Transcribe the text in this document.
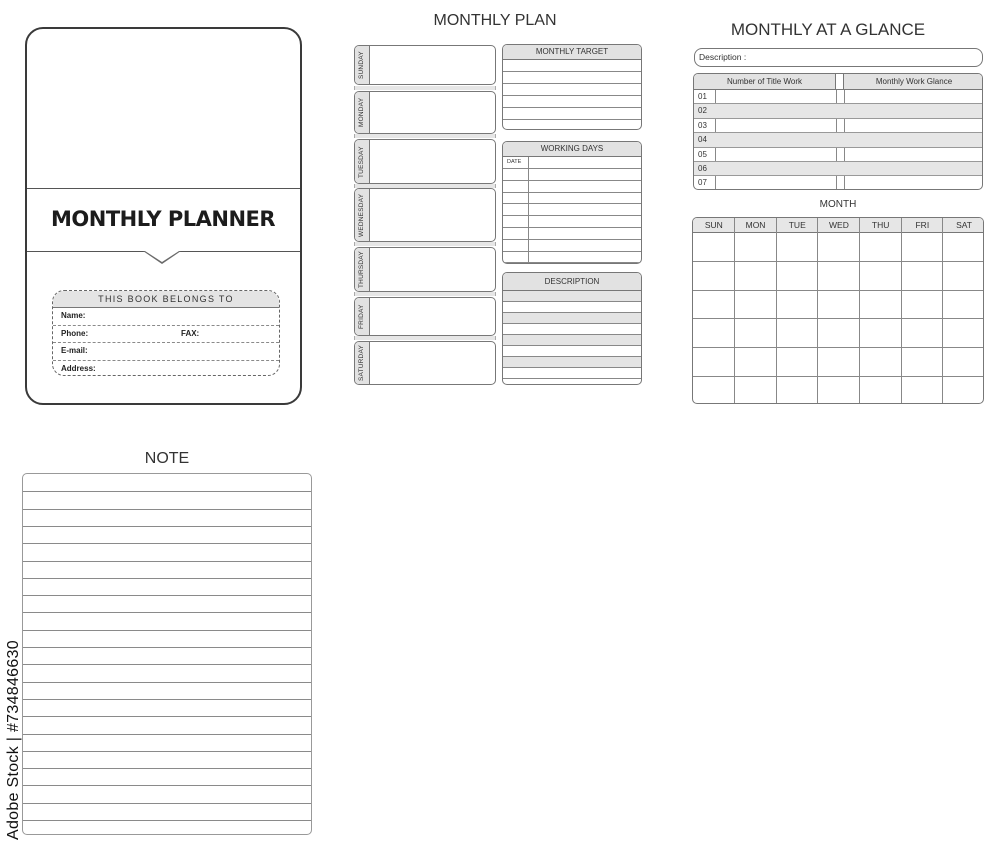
MONTHLY PLANNER
THIS BOOK BELONGS TO
Name:
Phone:	FAX:
E-mail:
Address:
MONTHLY PLAN
SUNDAY
MONDAY
TUESDAY
WEDNESDAY
THURSDAY
FRIDAY
SATURDAY
MONTHLY TARGET
WORKING DAYS
DATE
DESCRIPTION
MONTHLY AT A GLANCE
Description :
Number of Title Work	Monthly Work Glance
01
02
03
04
05
06
07
MONTH
SUN	MON	TUE	WED	THU	FRI	SAT
NOTE
Adobe Stock | #734846630
